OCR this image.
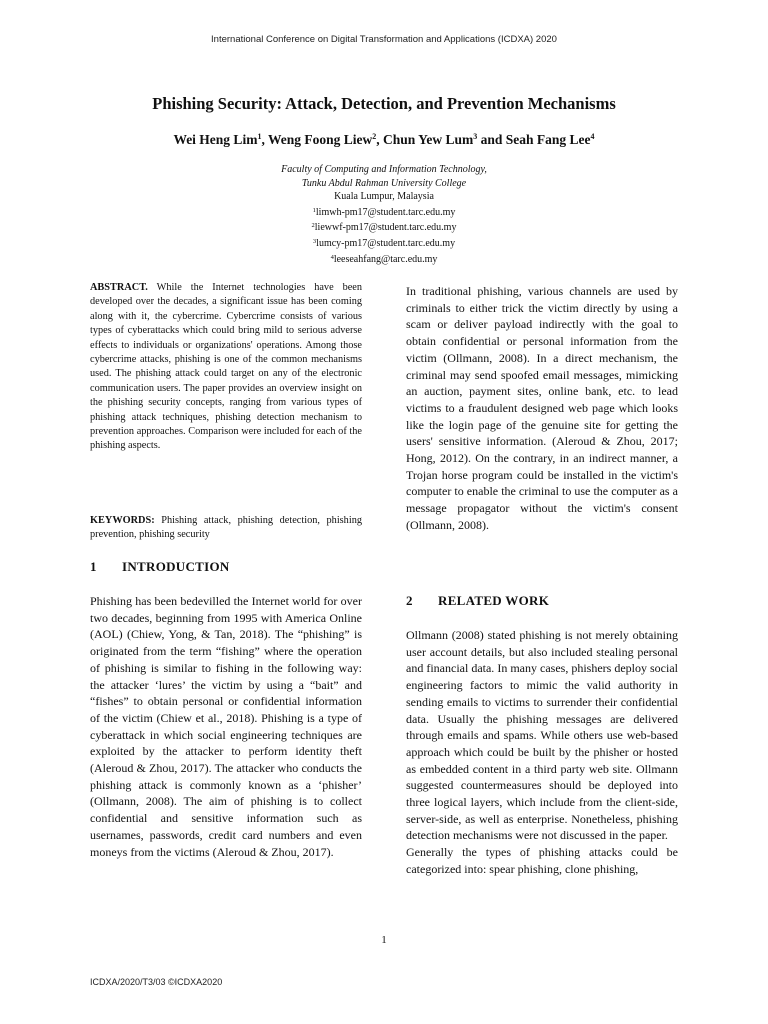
International Conference on Digital Transformation and Applications (ICDXA) 2020
Phishing Security: Attack, Detection, and Prevention Mechanisms
Wei Heng Lim$^1$, Weng Foong Liew$^2$, Chun Yew Lum$^3$ and Seah Fang Lee$^4$
Faculty of Computing and Information Technology,
Tunku Abdul Rahman University College
Kuala Lumpur, Malaysia
$^1$limwh-pm17@student.tarc.edu.my
$^2$liewwf-pm17@student.tarc.edu.my
$^3$lumcy-pm17@student.tarc.edu.my
$^4$leeseahfang@tarc.edu.my

ABSTRACT. While the Internet technologies have been developed over the decades, a significant issue has been coming along with it, the cybercrime. Cybercrime consists of various types of cyberattacks which could bring mild to serious adverse effects to individuals or organizations' operations. Among those cybercrime attacks, phishing is one of the common mechanisms used. The phishing attack could target on any of the electronic communication users. The paper provides an overview insight on the phishing security concepts, ranging from various types of phishing attack techniques, phishing detection mechanism to prevention approaches. Comparison were included for each of the phishing aspects.

KEYWORDS: Phishing attack, phishing detection, phishing prevention, phishing security

1 INTRODUCTION

Phishing has been bedevilled the Internet world for over two decades, beginning from 1995 with America Online (AOL) (Chiew, Yong, & Tan, 2018). The “phishing” is originated from the term “fishing” where the operation of phishing is similar to fishing in the following way: the attacker ‘lures’ the victim by using a “bait” and “fishes” to obtain personal or confidential information of the victim (Chiew et al., 2018). Phishing is a type of cyberattack in which social engineering techniques are exploited by the attacker to perform identity theft (Aleroud & Zhou, 2017). The attacker who conducts the phishing attack is commonly known as a ‘phisher’ (Ollmann, 2008). The aim of phishing is to collect confidential and sensitive information such as usernames, passwords, credit card numbers and even moneys from the victims (Aleroud & Zhou, 2017).

In traditional phishing, various channels are used by criminals to either trick the victim directly by using a scam or deliver payload indirectly with the goal to obtain confidential or personal information from the victim (Ollmann, 2008). In a direct mechanism, the criminal may send spoofed email messages, mimicking an auction, payment sites, online bank, etc. to lead victims to a fraudulent designed web page which looks like the login page of the genuine site for getting the users' sensitive information. (Aleroud & Zhou, 2017; Hong, 2012). On the contrary, in an indirect manner, a Trojan horse program could be installed in the victim's computer to enable the criminal to use the computer as a message propagator without the victim's consent (Ollmann, 2008).

2 RELATED WORK

Ollmann (2008) stated phishing is not merely obtaining user account details, but also included stealing personal and financial data. In many cases, phishers deploy social engineering factors to mimic the valid authority in sending emails to victims to surrender their confidential data. Usually the phishing messages are delivered through emails and spams. While others use web-based approach which could be built by the phisher or hosted as embedded content in a third party web site. Ollmann suggested countermeasures should be deployed into three logical layers, which include from the client-side, server-side, as well as enterprise. Nonetheless, phishing detection mechanisms were not discussed in the paper.

Generally the types of phishing attacks could be categorized into: spear phishing, clone phishing,

1
ICDXA/2020/T3/03 ©ICDXA2020
